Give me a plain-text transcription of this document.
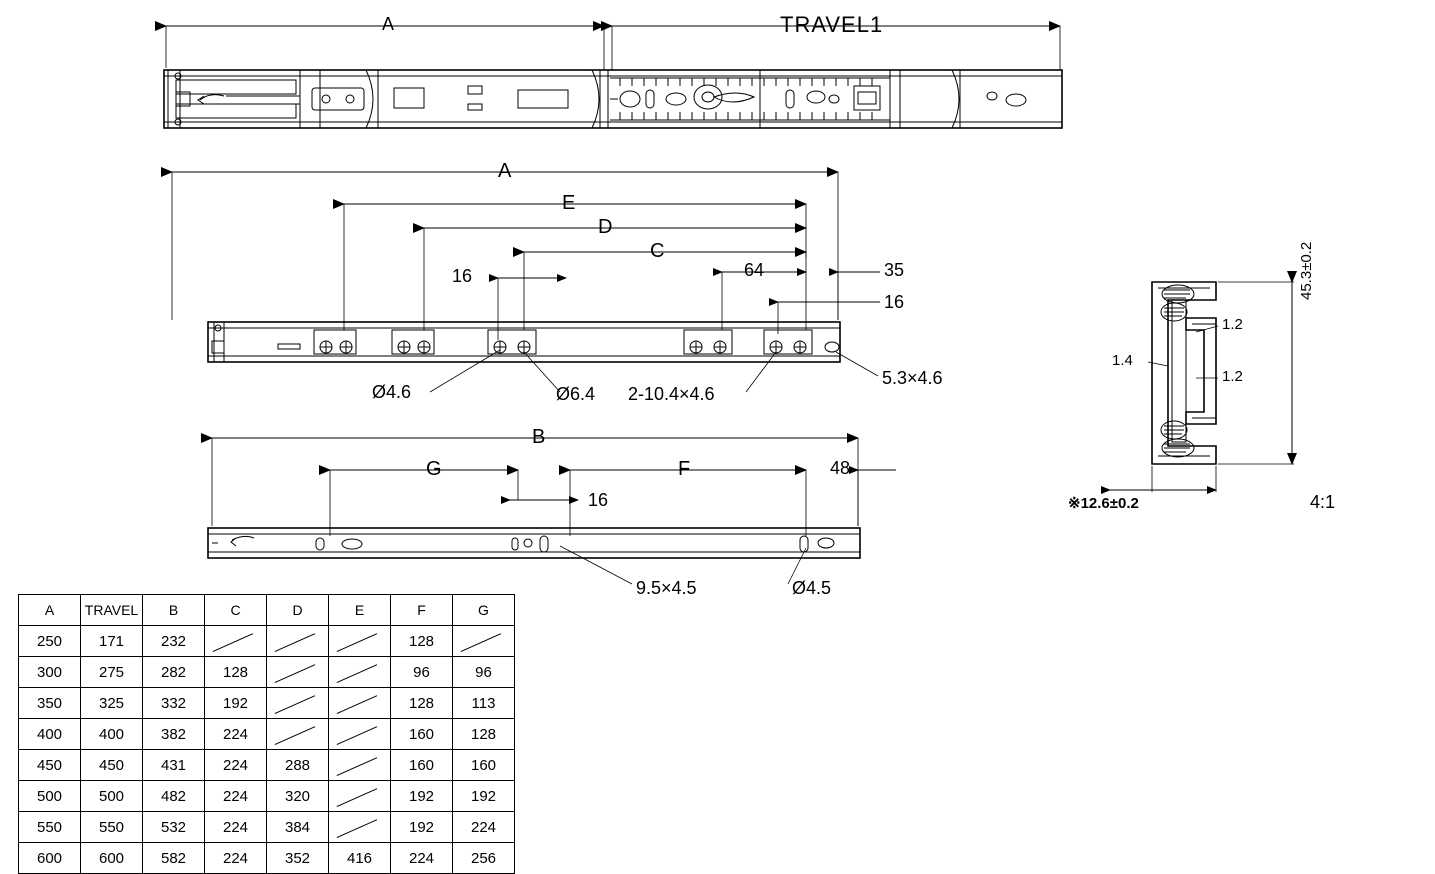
A	TRAVEL1
A
E
D
C
16	64	35
16
Ø4.6	Ø6.4 2-10.4×4.6
5.3×4.6
B
G	F	48
16
9.5×4.5	Ø4.5
45.3±0.2
※12.6±0.2
1.2
1.4
1.2
4:1
A	TRAVEL	B	C	D	E	F	G
250	171	232				128	
300	275	282	128			96	96
350	325	332	192			128	113
400	400	382	224			160	128
450	450	431	224	288		160	160
500	500	482	224	320		192	192
550	550	532	224	384		192	224
600	600	582	224	352	416	224	256
